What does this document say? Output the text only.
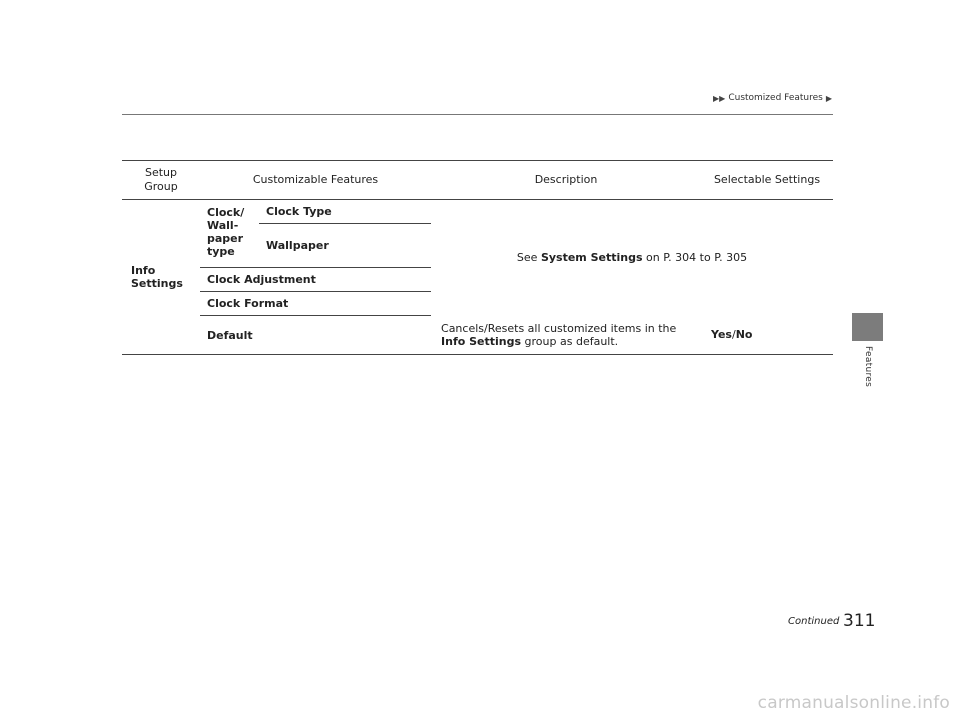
▶▶ Customized Features ▶
Features
Setup Group	Customizable Features		Description	Selectable Settings
Info Settings	Clock/ Wall- paper type	Clock Type	See System Settings on P. 304 to P. 305	
		Wallpaper		
	Clock Adjustment			
	Clock Format			
	Default		Cancels/Resets all customized items in the Info Settings group as default.	Yes/No
Continued 311
carmanualsonline.info
